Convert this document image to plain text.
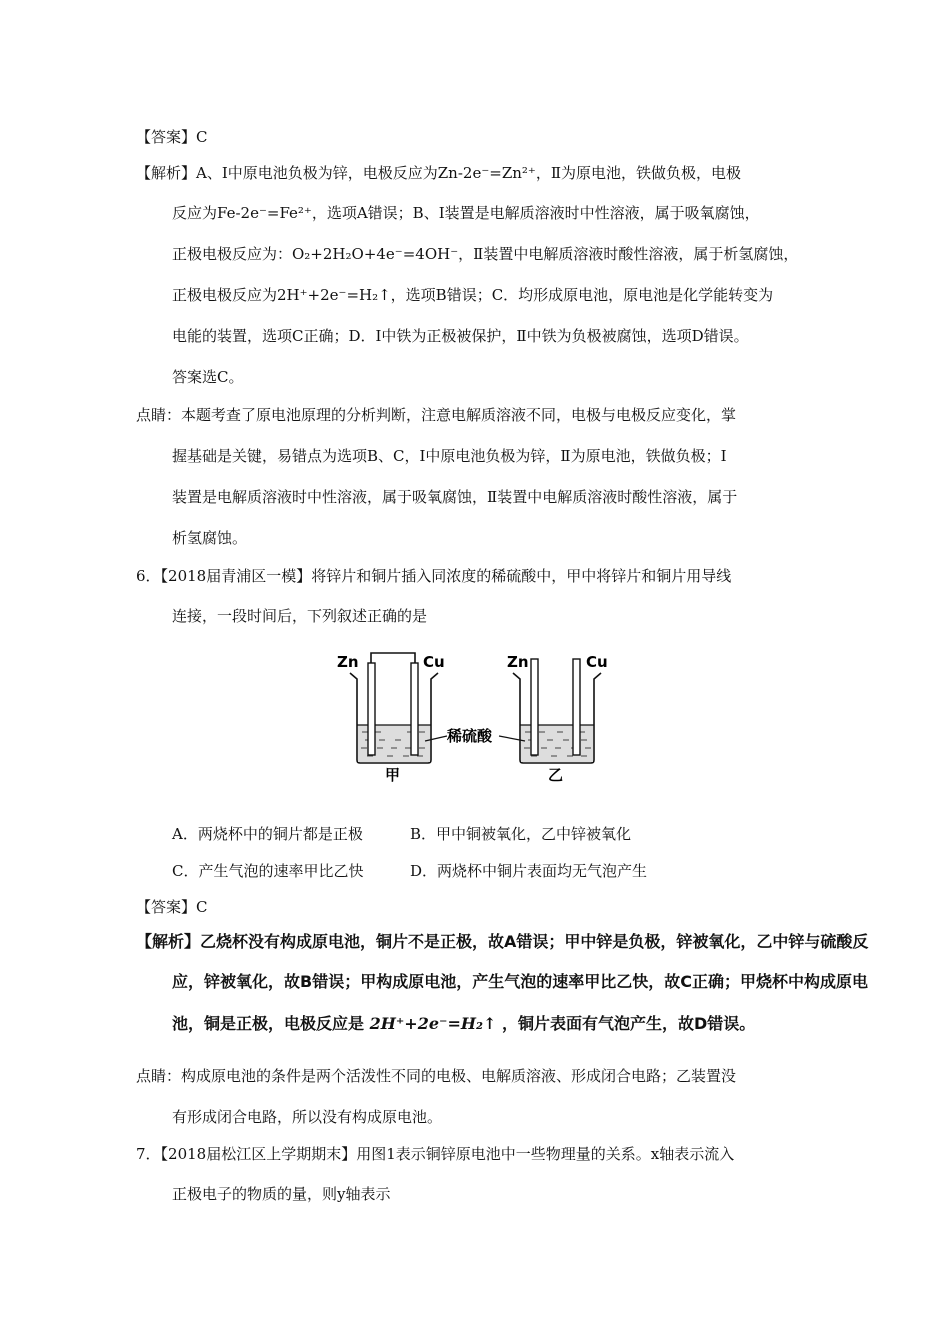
【答案】C
【解析】A、Ⅰ中原电池负极为锌，电极反应为Zn-2e⁻=Zn²⁺，Ⅱ为原电池，铁做负极，电极
反应为Fe-2e⁻=Fe²⁺，选项A错误；B、Ⅰ装置是电解质溶液时中性溶液，属于吸氧腐蚀，
正极电极反应为：O₂+2H₂O+4e⁻=4OH⁻，Ⅱ装置中电解质溶液时酸性溶液，属于析氢腐蚀，
正极电极反应为2H⁺+2e⁻=H₂↑，选项B错误；C．均形成原电池，原电池是化学能转变为
电能的装置，选项C正确；D．Ⅰ中铁为正极被保护，Ⅱ中铁为负极被腐蚀，选项D错误。
答案选C。
点睛：本题考查了原电池原理的分析判断，注意电解质溶液不同，电极与电极反应变化，掌
握基础是关键，易错点为选项B、C，Ⅰ中原电池负极为锌，Ⅱ为原电池，铁做负极；Ⅰ
装置是电解质溶液时中性溶液，属于吸氧腐蚀，Ⅱ装置中电解质溶液时酸性溶液，属于
析氢腐蚀。
6．【2018届青浦区一模】将锌片和铜片插入同浓度的稀硫酸中，甲中将锌片和铜片用导线
连接，一段时间后，下列叙述正确的是
Zn	Cu	Zn	Cu
稀硫酸
甲	乙
A．两烧杯中的铜片都是正极	B．甲中铜被氧化，乙中锌被氧化
C．产生气泡的速率甲比乙快	D．两烧杯中铜片表面均无气泡产生
【答案】C
【解析】乙烧杯没有构成原电池，铜片不是正极，故A错误；甲中锌是负极，锌被氧化，乙中锌与硫酸反
应，锌被氧化，故B错误；甲构成原电池，产生气泡的速率甲比乙快，故C正确；甲烧杯中构成原电
池，铜是正极，电极反应是 2H⁺+2e⁻=H₂↑ ，铜片表面有气泡产生，故D错误。
点睛：构成原电池的条件是两个活泼性不同的电极、电解质溶液、形成闭合电路；乙装置没
有形成闭合电路，所以没有构成原电池。
7．【2018届松江区上学期期末】用图1表示铜锌原电池中一些物理量的关系。x轴表示流入
正极电子的物质的量，则y轴表示
